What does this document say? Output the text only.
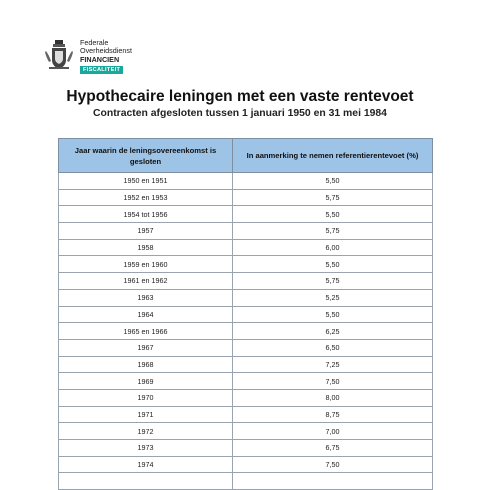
Federale
Overheidsdienst
FINANCIEN
FISCALITEIT
Hypothecaire leningen met een vaste rentevoet
Contracten afgesloten tussen 1 januari 1950 en 31 mei 1984
Jaar waarin de leningsovereenkomst is gesloten	In aanmerking te nemen referentierentevoet (%)
1950 en 1951	5,50
1952 en 1953	5,75
1954 tot 1956	5,50
1957	5,75
1958	6,00
1959 en 1960	5,50
1961 en 1962	5,75
1963	5,25
1964	5,50
1965 en 1966	6,25
1967	6,50
1968	7,25
1969	7,50
1970	8,00
1971	8,75
1972	7,00
1973	6,75
1974	7,50
